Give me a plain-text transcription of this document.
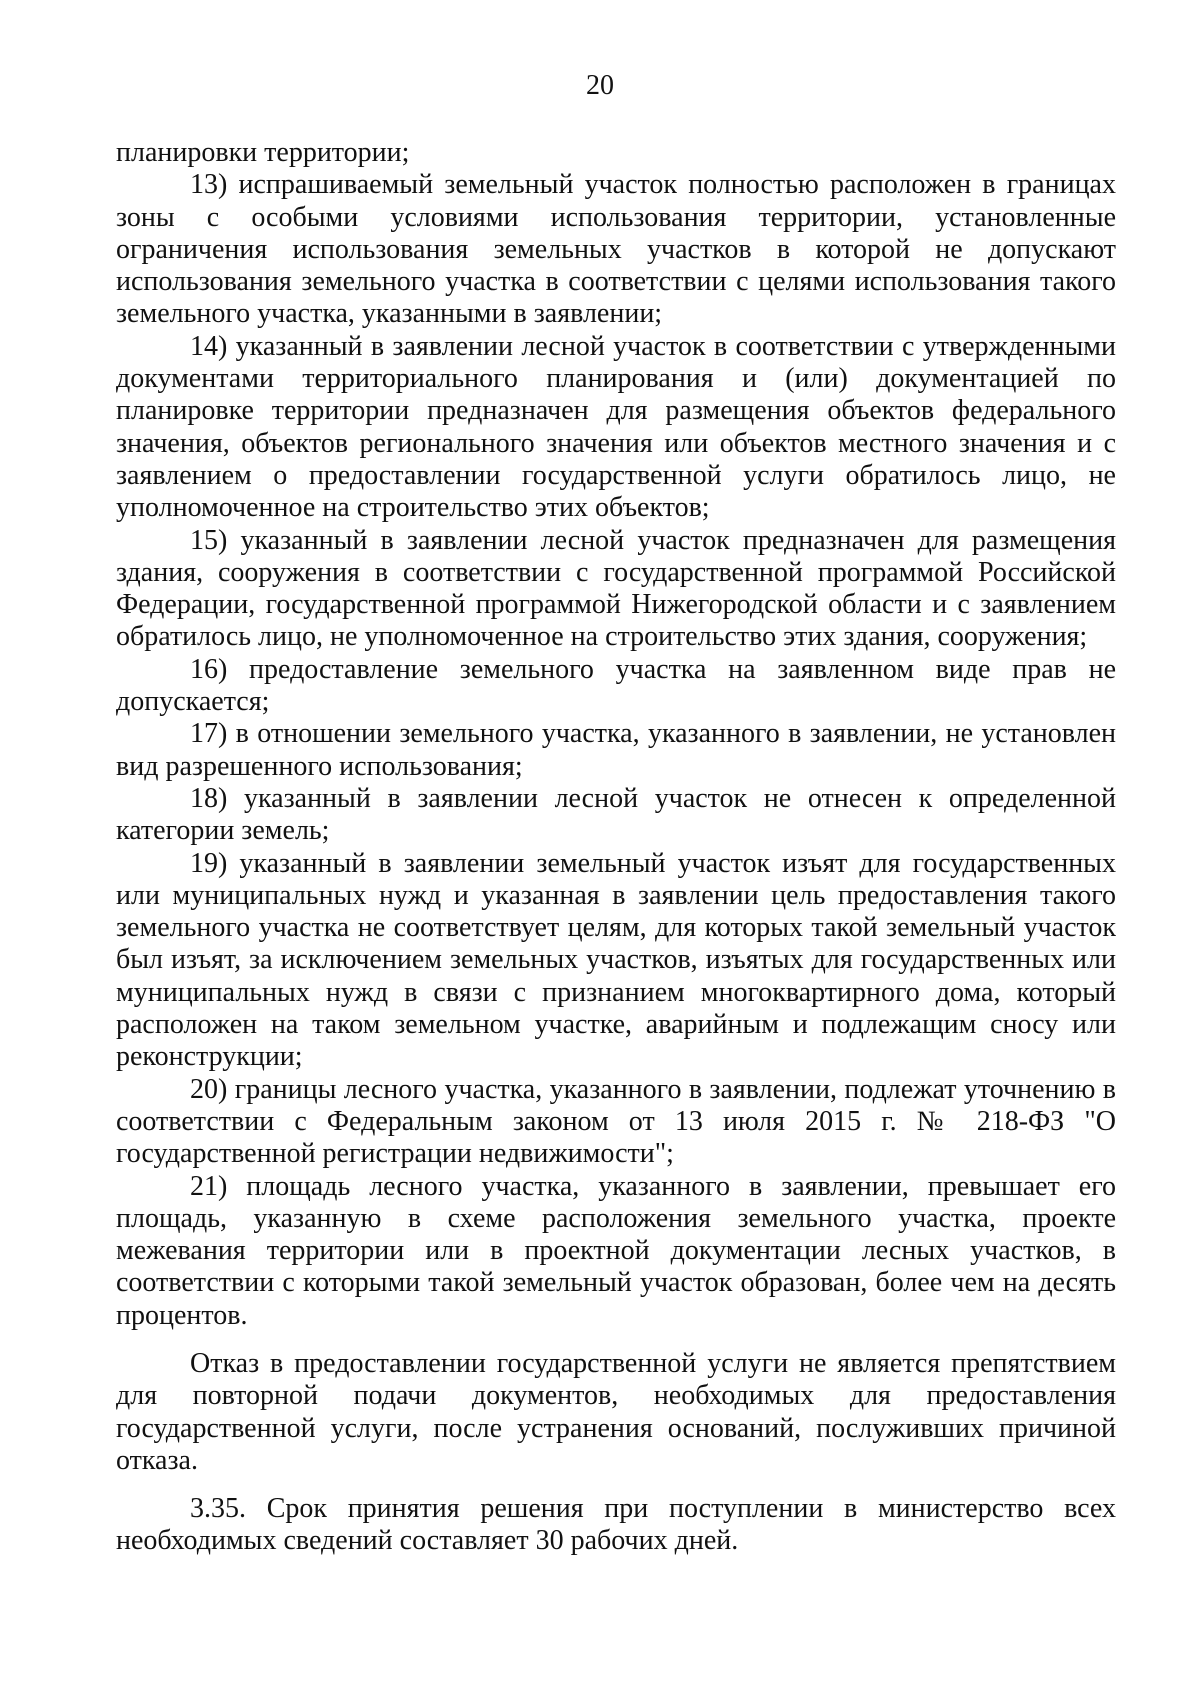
20

планировки территории;

13) испрашиваемый земельный участок полностью расположен в границах зоны с особыми условиями использования территории, установленные ограничения использования земельных участков в которой не допускают использования земельного участка в соответствии с целями использования такого земельного участка, указанными в заявлении;

14) указанный в заявлении лесной участок в соответствии с утвержденными документами территориального планирования и (или) документацией по планировке территории предназначен для размещения объектов федерального значения, объектов регионального значения или объектов местного значения и с заявлением о предоставлении государственной услуги обратилось лицо, не уполномоченное на строительство этих объектов;

15) указанный в заявлении лесной участок предназначен для размещения здания, сооружения в соответствии с государственной программой Российской Федерации, государственной программой Нижегородской области и с заявлением обратилось лицо, не уполномоченное на строительство этих здания, сооружения;

16) предоставление земельного участка на заявленном виде прав не допускается;

17) в отношении земельного участка, указанного в заявлении, не установлен вид разрешенного использования;

18) указанный в заявлении лесной участок не отнесен к определенной категории земель;

19) указанный в заявлении земельный участок изъят для государственных или муниципальных нужд и указанная в заявлении цель предоставления такого земельного участка не соответствует целям, для которых такой земельный участок был изъят, за исключением земельных участков, изъятых для государственных или муниципальных нужд в связи с признанием многоквартирного дома, который расположен на таком земельном участке, аварийным и подлежащим сносу или реконструкции;

20) границы лесного участка, указанного в заявлении, подлежат уточнению в соответствии с Федеральным законом от 13 июля 2015 г. № 218-ФЗ "О государственной регистрации недвижимости";

21) площадь лесного участка, указанного в заявлении, превышает его площадь, указанную в схеме расположения земельного участка, проекте межевания территории или в проектной документации лесных участков, в соответствии с которыми такой земельный участок образован, более чем на десять процентов.

Отказ в предоставлении государственной услуги не является препятствием для повторной подачи документов, необходимых для предоставления государственной услуги, после устранения оснований, послуживших причиной отказа.

3.35. Срок принятия решения при поступлении в министерство всех необходимых сведений составляет 30 рабочих дней.
